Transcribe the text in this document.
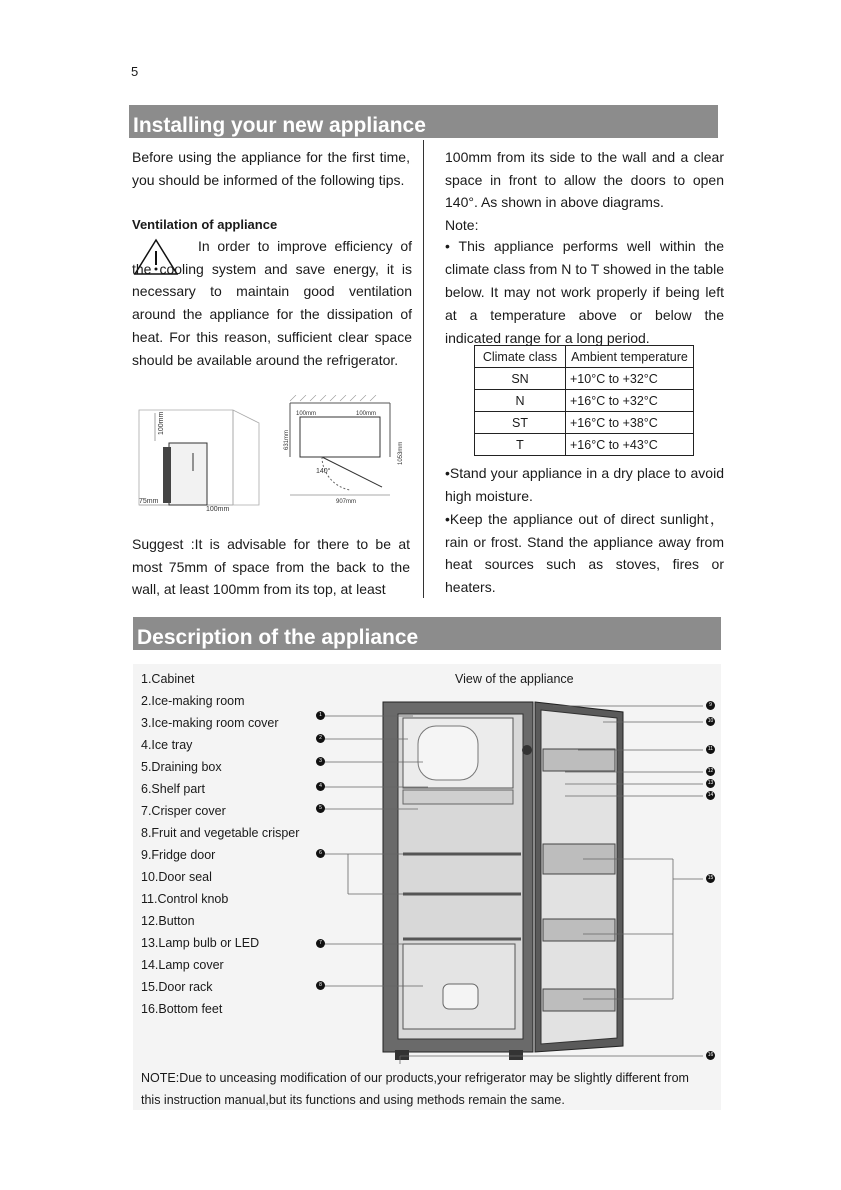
5
Installing your new appliance
Before using the appliance for the first time, you should be informed of the following tips.
Ventilation of appliance
In order to improve efficiency of the cooling system and save energy, it is necessary to maintain good ventilation around the appliance for the dissipation of heat. For this reason, sufficient clear space should be available around the refrigerator.
75mm
100mm
100mm	100mm	100mm
631mm
1053mm
140°
907mm
Suggest :It is advisable for there to be at most 75mm of space from the back to the wall, at least 100mm from its top, at least
100mm from its side to the wall and a clear space in front to allow the doors to open 140°. As shown in above diagrams.
Note:
• This appliance performs well within the climate class from N to T showed in the table below. It may not work properly if being left at a temperature above or below the indicated range for a long period.
Climate class	Ambient temperature
SN	+10°C to +32°C
N	+16°C to +32°C
ST	+16°C to +38°C
T	+16°C to +43°C
•Stand your appliance in a dry place to avoid high moisture.
•Keep the appliance out of direct sunlight，rain or frost. Stand the appliance away from heat sources such as stoves, fires or heaters.
Description of the appliance
View of the appliance
1.Cabinet
2.Ice-making room
3.Ice-making room cover
4.Ice tray
5.Draining box
6.Shelf part
7.Crisper cover
8.Fruit and vegetable crisper
9.Fridge door
10.Door seal
11.Control knob
12.Button
13.Lamp bulb or LED
14.Lamp cover
15.Door rack
16.Bottom feet
1
2
3
4
5
6
7
8
9
10
11
12
13
14
15
16
NOTE:Due to unceasing modification of our products,your refrigerator may be slightly different from
this instruction manual,but its functions and using methods remain the same.
